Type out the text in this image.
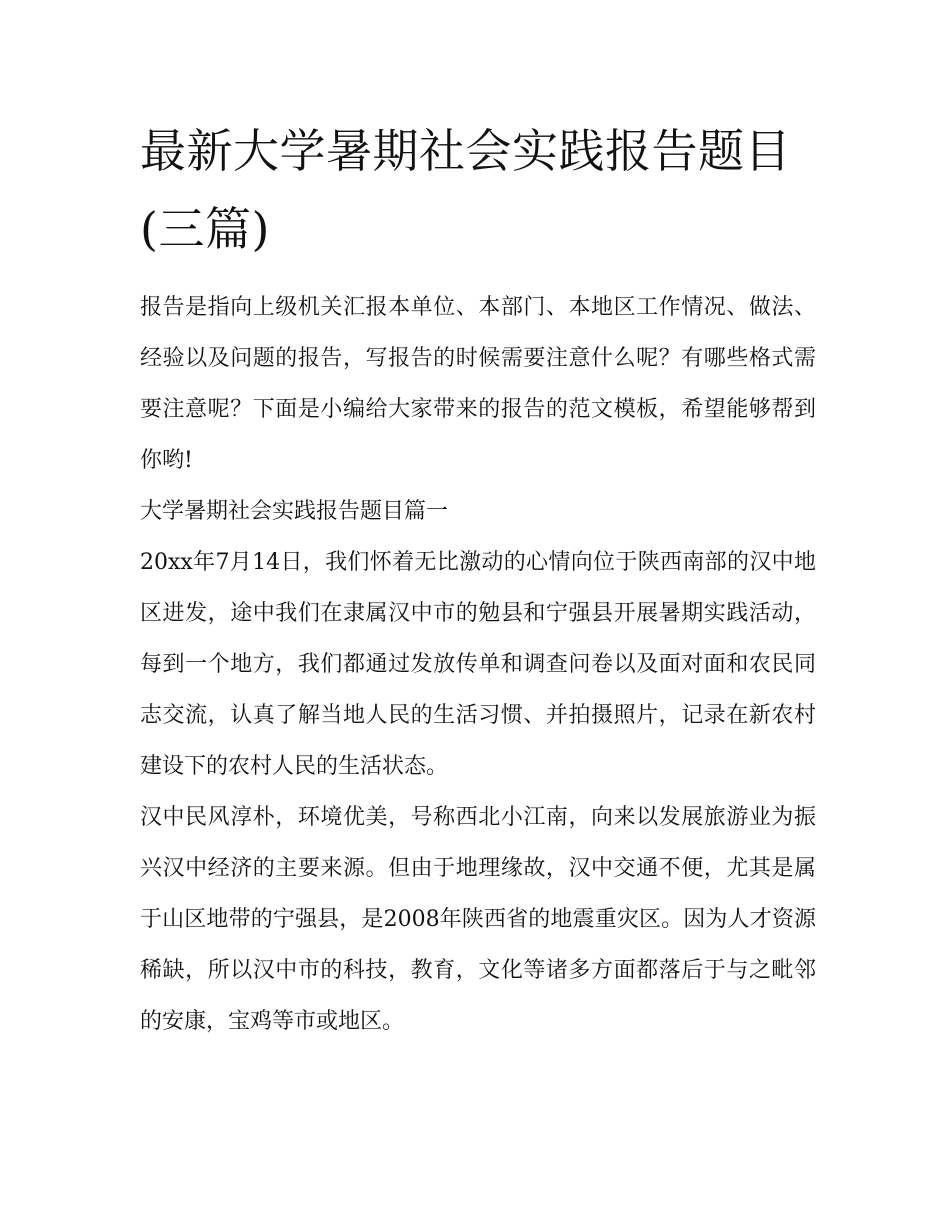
最新大学暑期社会实践报告题目(三篇)

报告是指向上级机关汇报本单位、本部门、本地区工作情况、做法、经验以及问题的报告，写报告的时候需要注意什么呢？有哪些格式需要注意呢？下面是小编给大家带来的报告的范文模板，希望能够帮到你哟!

大学暑期社会实践报告题目篇一

20xx年7月14日，我们怀着无比激动的心情向位于陕西南部的汉中地区进发，途中我们在隶属汉中市的勉县和宁强县开展暑期实践活动，每到一个地方，我们都通过发放传单和调查问卷以及面对面和农民同志交流，认真了解当地人民的生活习惯、并拍摄照片，记录在新农村建设下的农村人民的生活状态。

汉中民风淳朴，环境优美，号称西北小江南，向来以发展旅游业为振兴汉中经济的主要来源。但由于地理缘故，汉中交通不便，尤其是属于山区地带的宁强县，是2008年陕西省的地震重灾区。因为人才资源稀缺，所以汉中市的科技，教育，文化等诸多方面都落后于与之毗邻的安康，宝鸡等市或地区。
